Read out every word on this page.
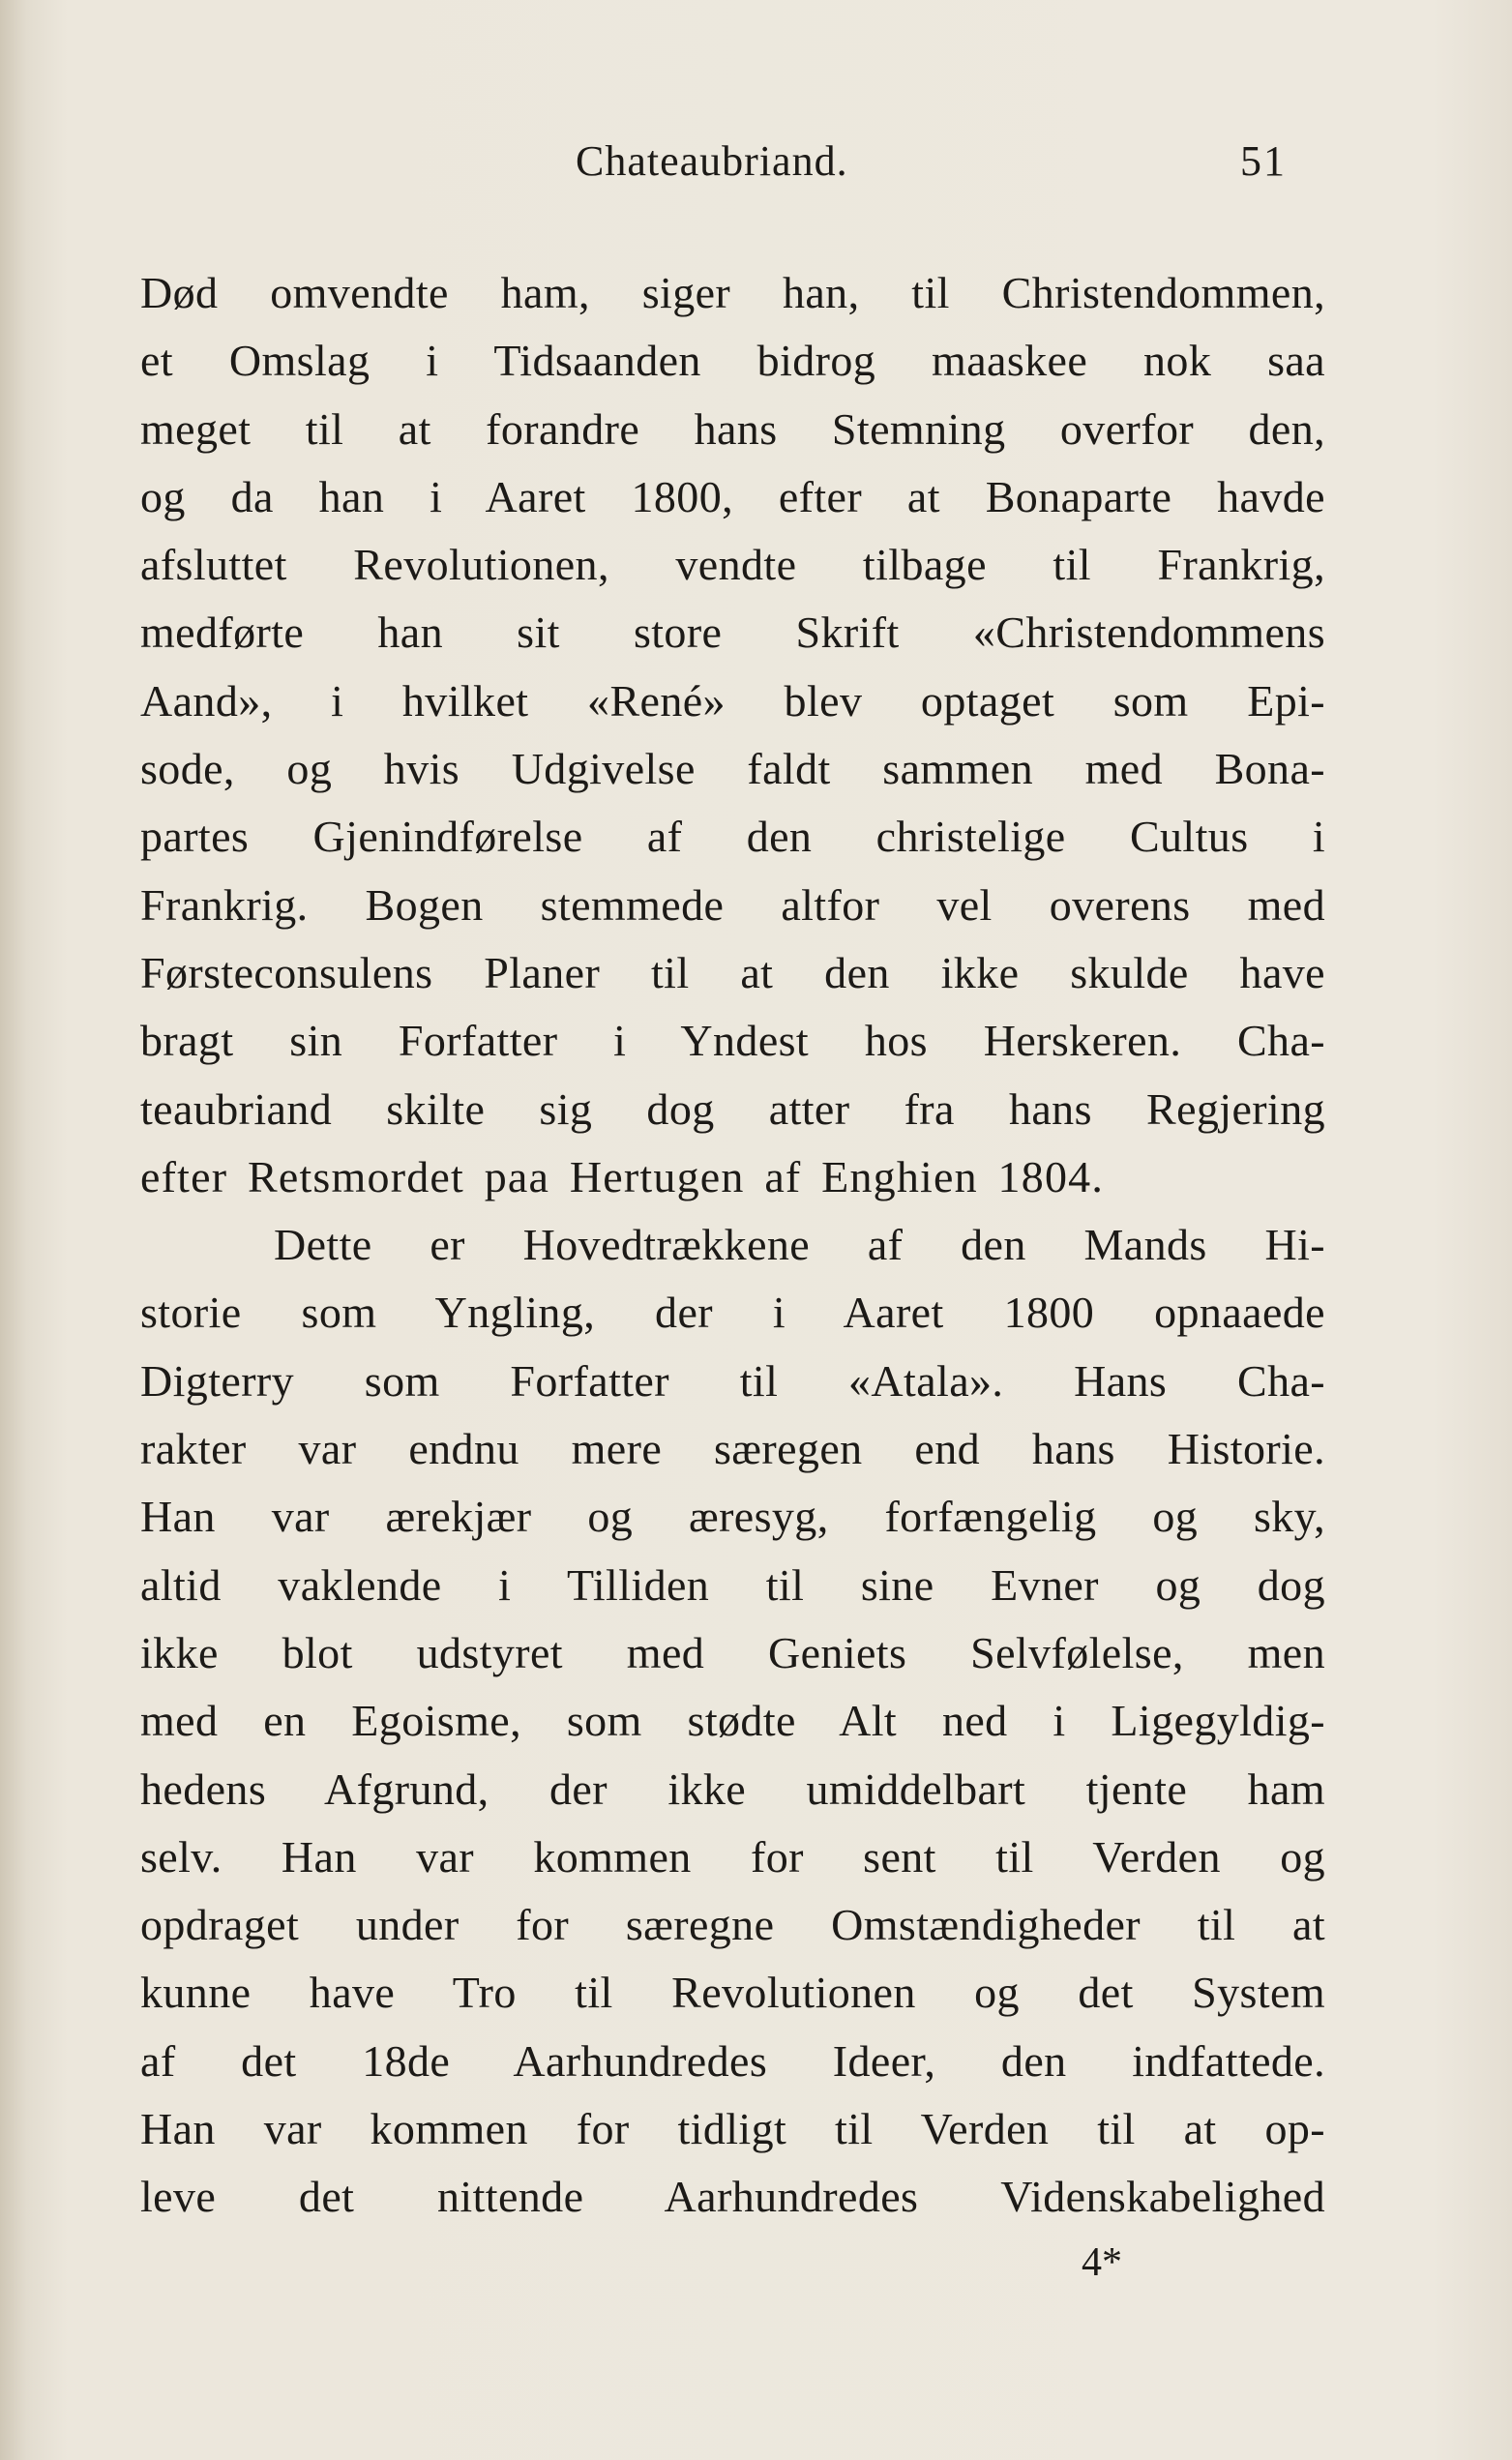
Chateaubriand.	51
Død omvendte ham, siger han, til Christendommen,
et Omslag i Tidsaanden bidrog maaskee nok saa
meget til at forandre hans Stemning overfor den,
og da han i Aaret 1800, efter at Bonaparte havde
afsluttet Revolutionen, vendte tilbage til Frankrig,
medførte han sit store Skrift «Christendommens
Aand», i hvilket «René» blev optaget som Epi-
sode, og hvis Udgivelse faldt sammen med Bona-
partes Gjenindførelse af den christelige Cultus i
Frankrig. Bogen stemmede altfor vel overens med
Førsteconsulens Planer til at den ikke skulde have
bragt sin Forfatter i Yndest hos Herskeren. Cha-
teaubriand skilte sig dog atter fra hans Regjering
efter Retsmordet paa Hertugen af Enghien 1804.
Dette er Hovedtrækkene af den Mands Hi-
storie som Yngling, der i Aaret 1800 opnaaede
Digterry som Forfatter til «Atala». Hans Cha-
rakter var endnu mere særegen end hans Historie.
Han var ærekjær og æresyg, forfængelig og sky,
altid vaklende i Tilliden til sine Evner og dog
ikke blot udstyret med Geniets Selvfølelse, men
med en Egoisme, som stødte Alt ned i Ligegyldig-
hedens Afgrund, der ikke umiddelbart tjente ham
selv. Han var kommen for sent til Verden og
opdraget under for særegne Omstændigheder til at
kunne have Tro til Revolutionen og det System
af det 18de Aarhundredes Ideer, den indfattede.
Han var kommen for tidligt til Verden til at op-
leve det nittende Aarhundredes Videnskabelighed
4*
